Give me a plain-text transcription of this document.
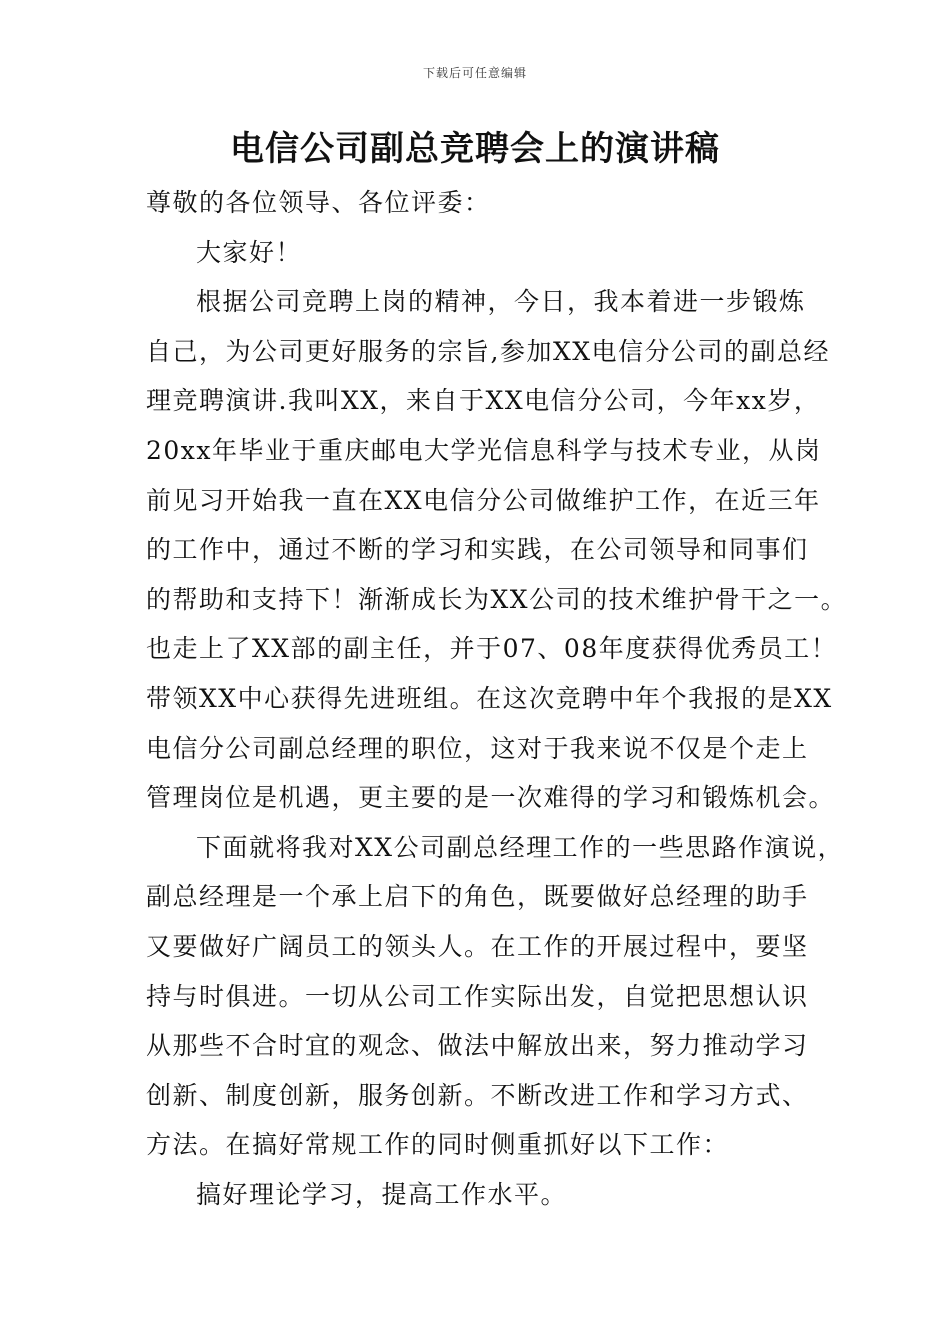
下载后可任意编辑
电信公司副总竞聘会上的演讲稿
尊敬的各位领导、各位评委：
大家好！
根据公司竞聘上岗的精神，今日，我本着进一步锻炼
自己，为公司更好服务的宗旨,参加XX电信分公司的副总经
理竞聘演讲.我叫XX，来自于XX电信分公司，今年xx岁，
20xx年毕业于重庆邮电大学光信息科学与技术专业，从岗
前见习开始我一直在XX电信分公司做维护工作，在近三年
的工作中，通过不断的学习和实践，在公司领导和同事们
的帮助和支持下！渐渐成长为XX公司的技术维护骨干之一。
也走上了XX部的副主任，并于07、08年度获得优秀员工！
带领XX中心获得先进班组。在这次竞聘中年个我报的是XX
电信分公司副总经理的职位，这对于我来说不仅是个走上
管理岗位是机遇，更主要的是一次难得的学习和锻炼机会。
下面就将我对XX公司副总经理工作的一些思路作演说，
副总经理是一个承上启下的角色，既要做好总经理的助手
又要做好广阔员工的领头人。在工作的开展过程中，要坚
持与时俱进。一切从公司工作实际出发，自觉把思想认识
从那些不合时宜的观念、做法中解放出来，努力推动学习
创新、制度创新，服务创新。不断改进工作和学习方式、
方法。在搞好常规工作的同时侧重抓好以下工作：
搞好理论学习，提高工作水平。
